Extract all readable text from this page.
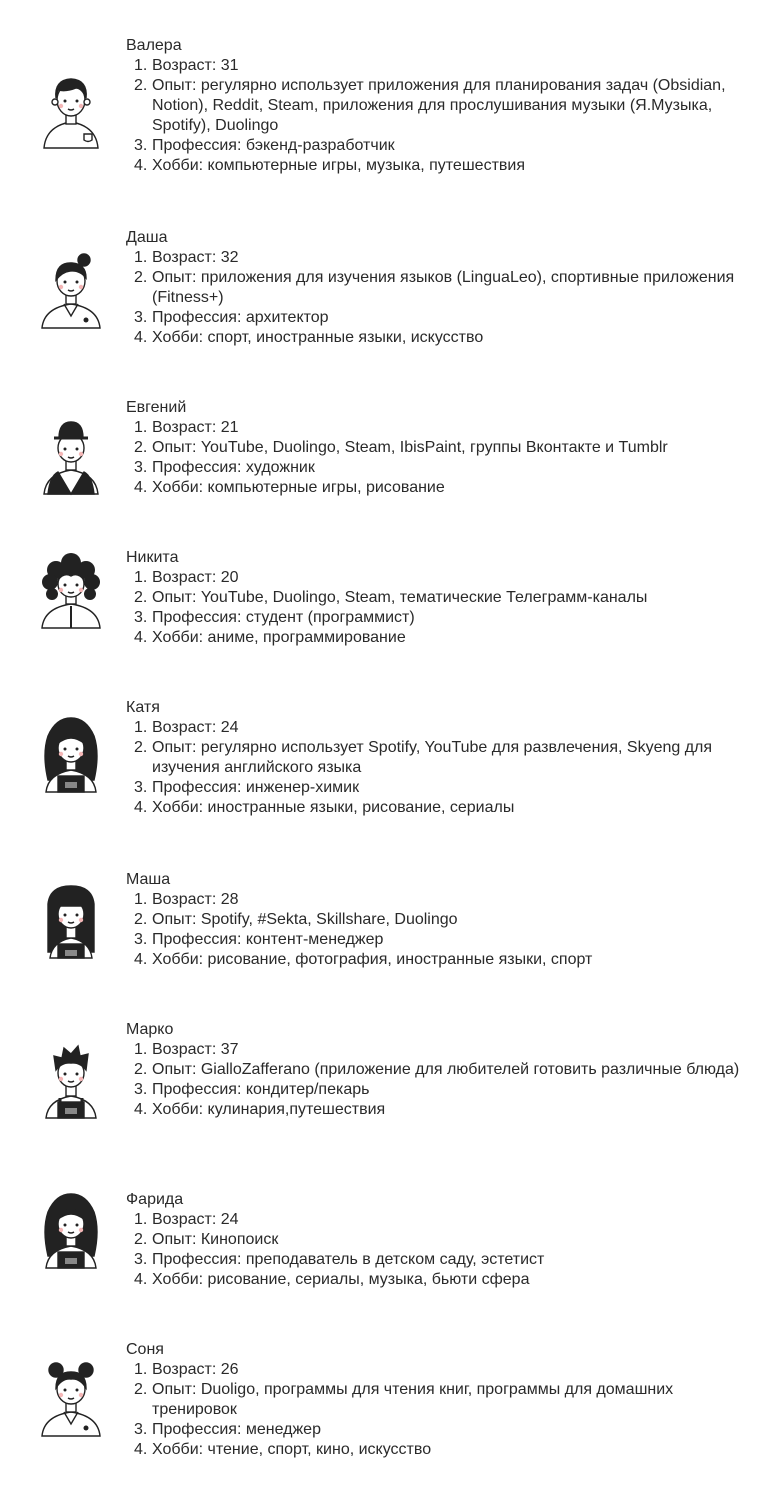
Валера
1. Возраст: 31
2. Опыт: регулярно использует приложения для планирования задач (Obsidian, Notion), Reddit, Steam, приложения для прослушивания музыки (Я.Музыка, Spotify), Duolingo
3. Профессия: бэкенд-разработчик
4. Хобби: компьютерные игры, музыка, путешествия
Даша
1. Возраст: 32
2. Опыт: приложения для изучения языков (LinguaLeo), спортивные приложения (Fitness+)
3. Профессия: архитектор
4. Хобби: спорт, иностранные языки, искусство
Евгений
1. Возраст: 21
2. Опыт: YouTube, Duolingo, Steam, IbisPaint, группы Вконтакте и Tumblr
3. Профессия: художник
4. Хобби: компьютерные игры, рисование
Никита
1. Возраст: 20
2. Опыт: YouTube, Duolingo, Steam, тематические Телеграмм-каналы
3. Профессия: студент (программист)
4. Хобби: аниме, программирование
Катя
1. Возраст: 24
2. Опыт: регулярно использует Spotify, YouTube для развлечения, Skyeng для изучения английского языка
3. Профессия: инженер-химик
4. Хобби: иностранные языки, рисование, сериалы
Маша
1. Возраст: 28
2. Опыт: Spotify, #Sekta, Skillshare, Duolingo
3. Профессия: контент-менеджер
4. Хобби: рисование, фотография, иностранные языки, спорт
Марко
1. Возраст: 37
2. Опыт: GialloZafferano (приложение для любителей готовить различные блюда)
3. Профессия: кондитер/пекарь
4. Хобби: кулинария,путешествия
Фарида
1. Возраст: 24
2. Опыт: Кинопоиск
3. Профессия: преподаватель в детском саду, эстетист
4. Хобби: рисование, сериалы, музыка, бьюти сфера
Соня
1. Возраст: 26
2. Опыт: Duoligo, программы для чтения книг, программы для домашних тренировок
3. Профессия: менеджер
4. Хобби: чтение, спорт, кино, искусство
